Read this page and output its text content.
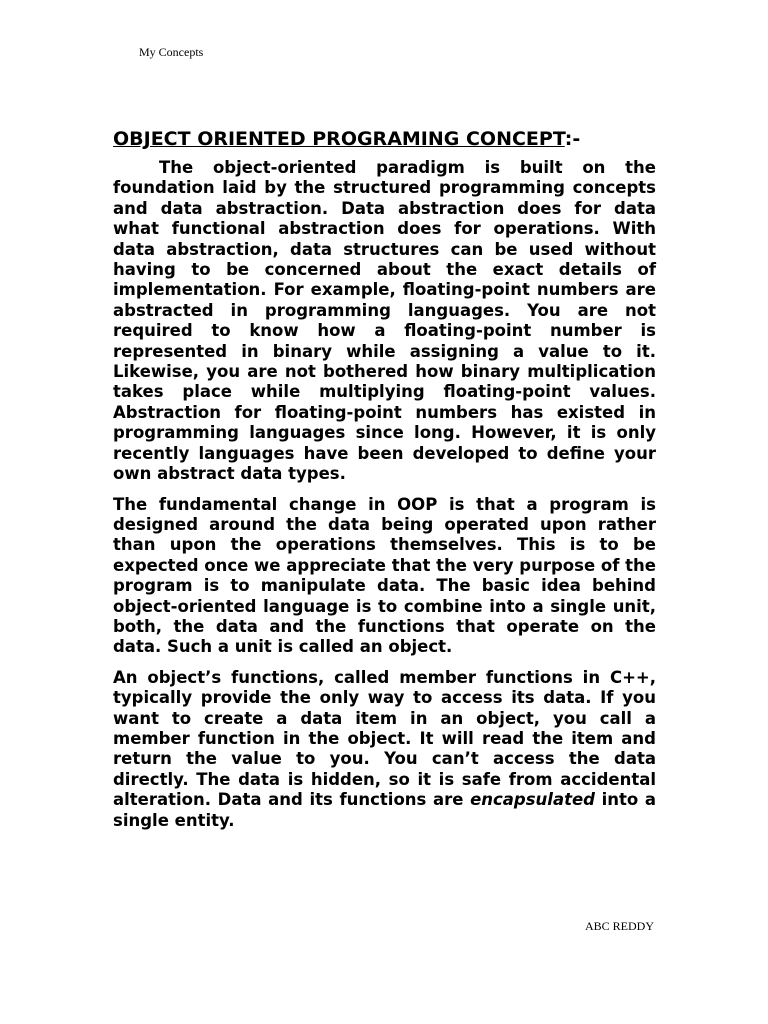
My Concepts
OBJECT ORIENTED PROGRAMING CONCEPT:-

The object-oriented paradigm is built on the foundation laid by the structured programming concepts and data abstraction. Data abstraction does for data what functional abstraction does for operations. With data abstraction, data structures can be used without having to be concerned about the exact details of implementation. For example, floating-point numbers are abstracted in programming languages. You are not required to know how a floating-point number is represented in binary while assigning a value to it. Likewise, you are not bothered how binary multiplication takes place while multiplying floating-point values. Abstraction for floating-point numbers has existed in programming languages since long. However, it is only recently languages have been developed to define your own abstract data types.

The fundamental change in OOP is that a program is designed around the data being operated upon rather than upon the operations themselves. This is to be expected once we appreciate that the very purpose of the program is to manipulate data. The basic idea behind object-oriented language is to combine into a single unit, both, the data and the functions that operate on the data. Such a unit is called an object.

An object’s functions, called member functions in C++, typically provide the only way to access its data. If you want to create a data item in an object, you call a member function in the object. It will read the item and return the value to you. You can’t access the data directly. The data is hidden, so it is safe from accidental alteration. Data and its functions are encapsulated into a single entity.

ABC REDDY
